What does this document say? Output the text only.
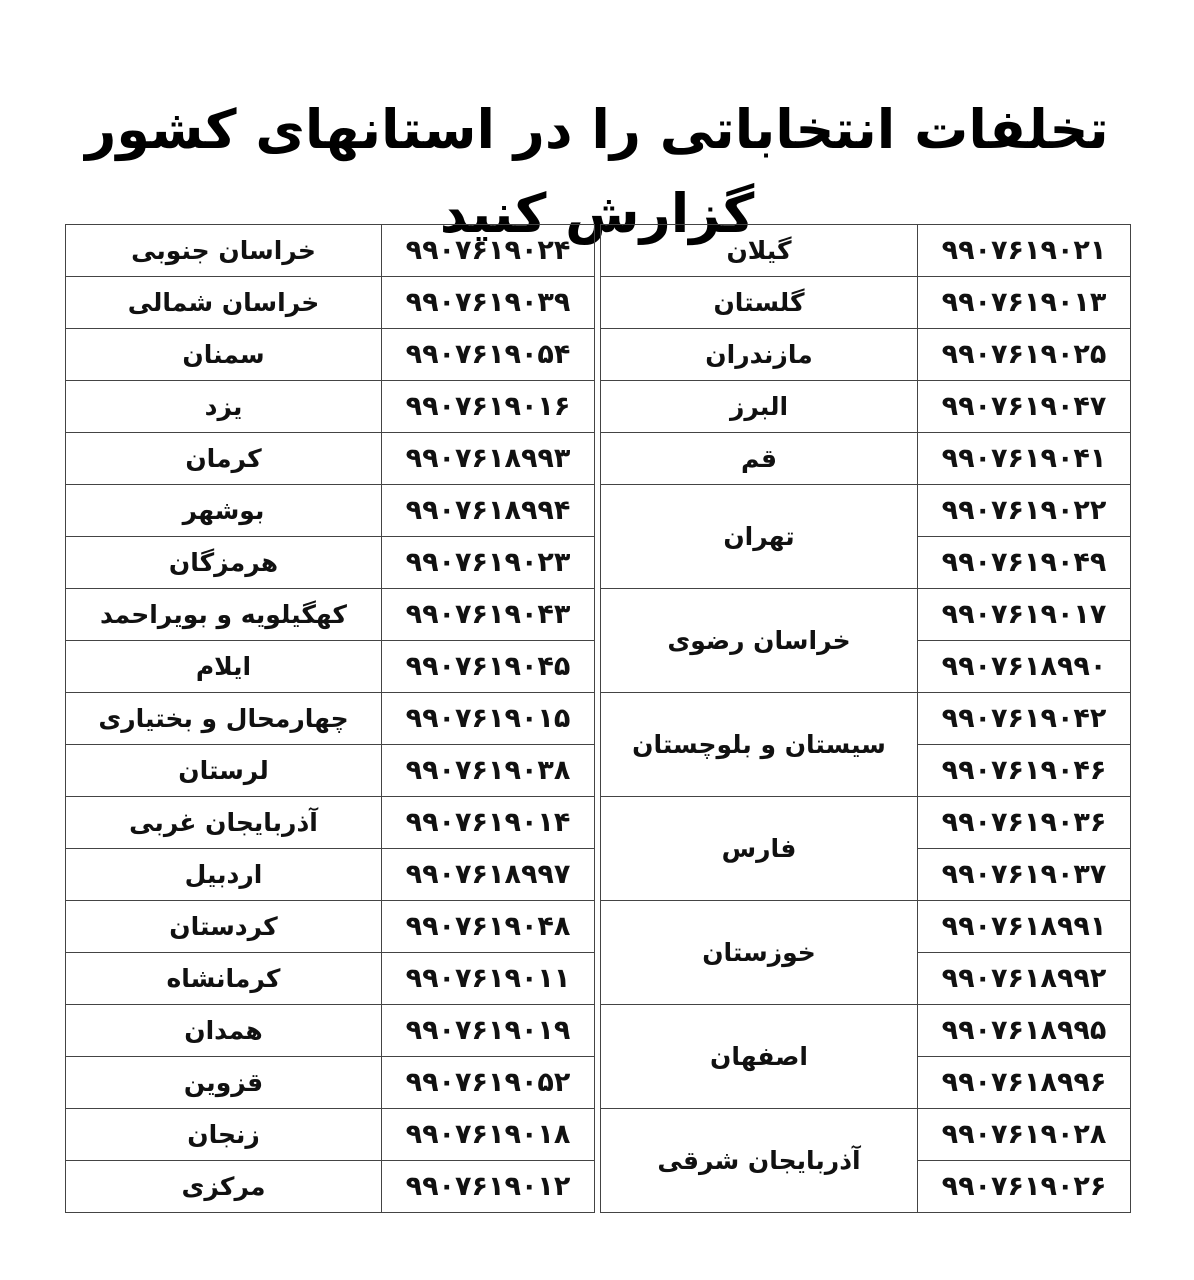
تخلفات انتخاباتی را در استانهای کشور گزارش کنید
خراسان جنوبی	۹۹۰۷۶۱۹۰۲۴
خراسان شمالی	۹۹۰۷۶۱۹۰۳۹
سمنان	۹۹۰۷۶۱۹۰۵۴
یزد	۹۹۰۷۶۱۹۰۱۶
کرمان	۹۹۰۷۶۱۸۹۹۳
بوشهر	۹۹۰۷۶۱۸۹۹۴
هرمزگان	۹۹۰۷۶۱۹۰۲۳
کهگیلویه و بویراحمد	۹۹۰۷۶۱۹۰۴۳
ایلام	۹۹۰۷۶۱۹۰۴۵
چهارمحال و بختیاری	۹۹۰۷۶۱۹۰۱۵
لرستان	۹۹۰۷۶۱۹۰۳۸
آذربایجان غربی	۹۹۰۷۶۱۹۰۱۴
اردبیل	۹۹۰۷۶۱۸۹۹۷
کردستان	۹۹۰۷۶۱۹۰۴۸
کرمانشاه	۹۹۰۷۶۱۹۰۱۱
همدان	۹۹۰۷۶۱۹۰۱۹
قزوین	۹۹۰۷۶۱۹۰۵۲
زنجان	۹۹۰۷۶۱۹۰۱۸
مرکزی	۹۹۰۷۶۱۹۰۱۲
گیلان	۹۹۰۷۶۱۹۰۲۱
گلستان	۹۹۰۷۶۱۹۰۱۳
مازندران	۹۹۰۷۶۱۹۰۲۵
البرز	۹۹۰۷۶۱۹۰۴۷
قم	۹۹۰۷۶۱۹۰۴۱
تهران	۹۹۰۷۶۱۹۰۲۲
	۹۹۰۷۶۱۹۰۴۹
خراسان رضوی	۹۹۰۷۶۱۹۰۱۷
	۹۹۰۷۶۱۸۹۹۰
سیستان و بلوچستان	۹۹۰۷۶۱۹۰۴۲
	۹۹۰۷۶۱۹۰۴۶
فارس	۹۹۰۷۶۱۹۰۳۶
	۹۹۰۷۶۱۹۰۳۷
خوزستان	۹۹۰۷۶۱۸۹۹۱
	۹۹۰۷۶۱۸۹۹۲
اصفهان	۹۹۰۷۶۱۸۹۹۵
	۹۹۰۷۶۱۸۹۹۶
آذربایجان شرقی	۹۹۰۷۶۱۹۰۲۸
	۹۹۰۷۶۱۹۰۲۶
